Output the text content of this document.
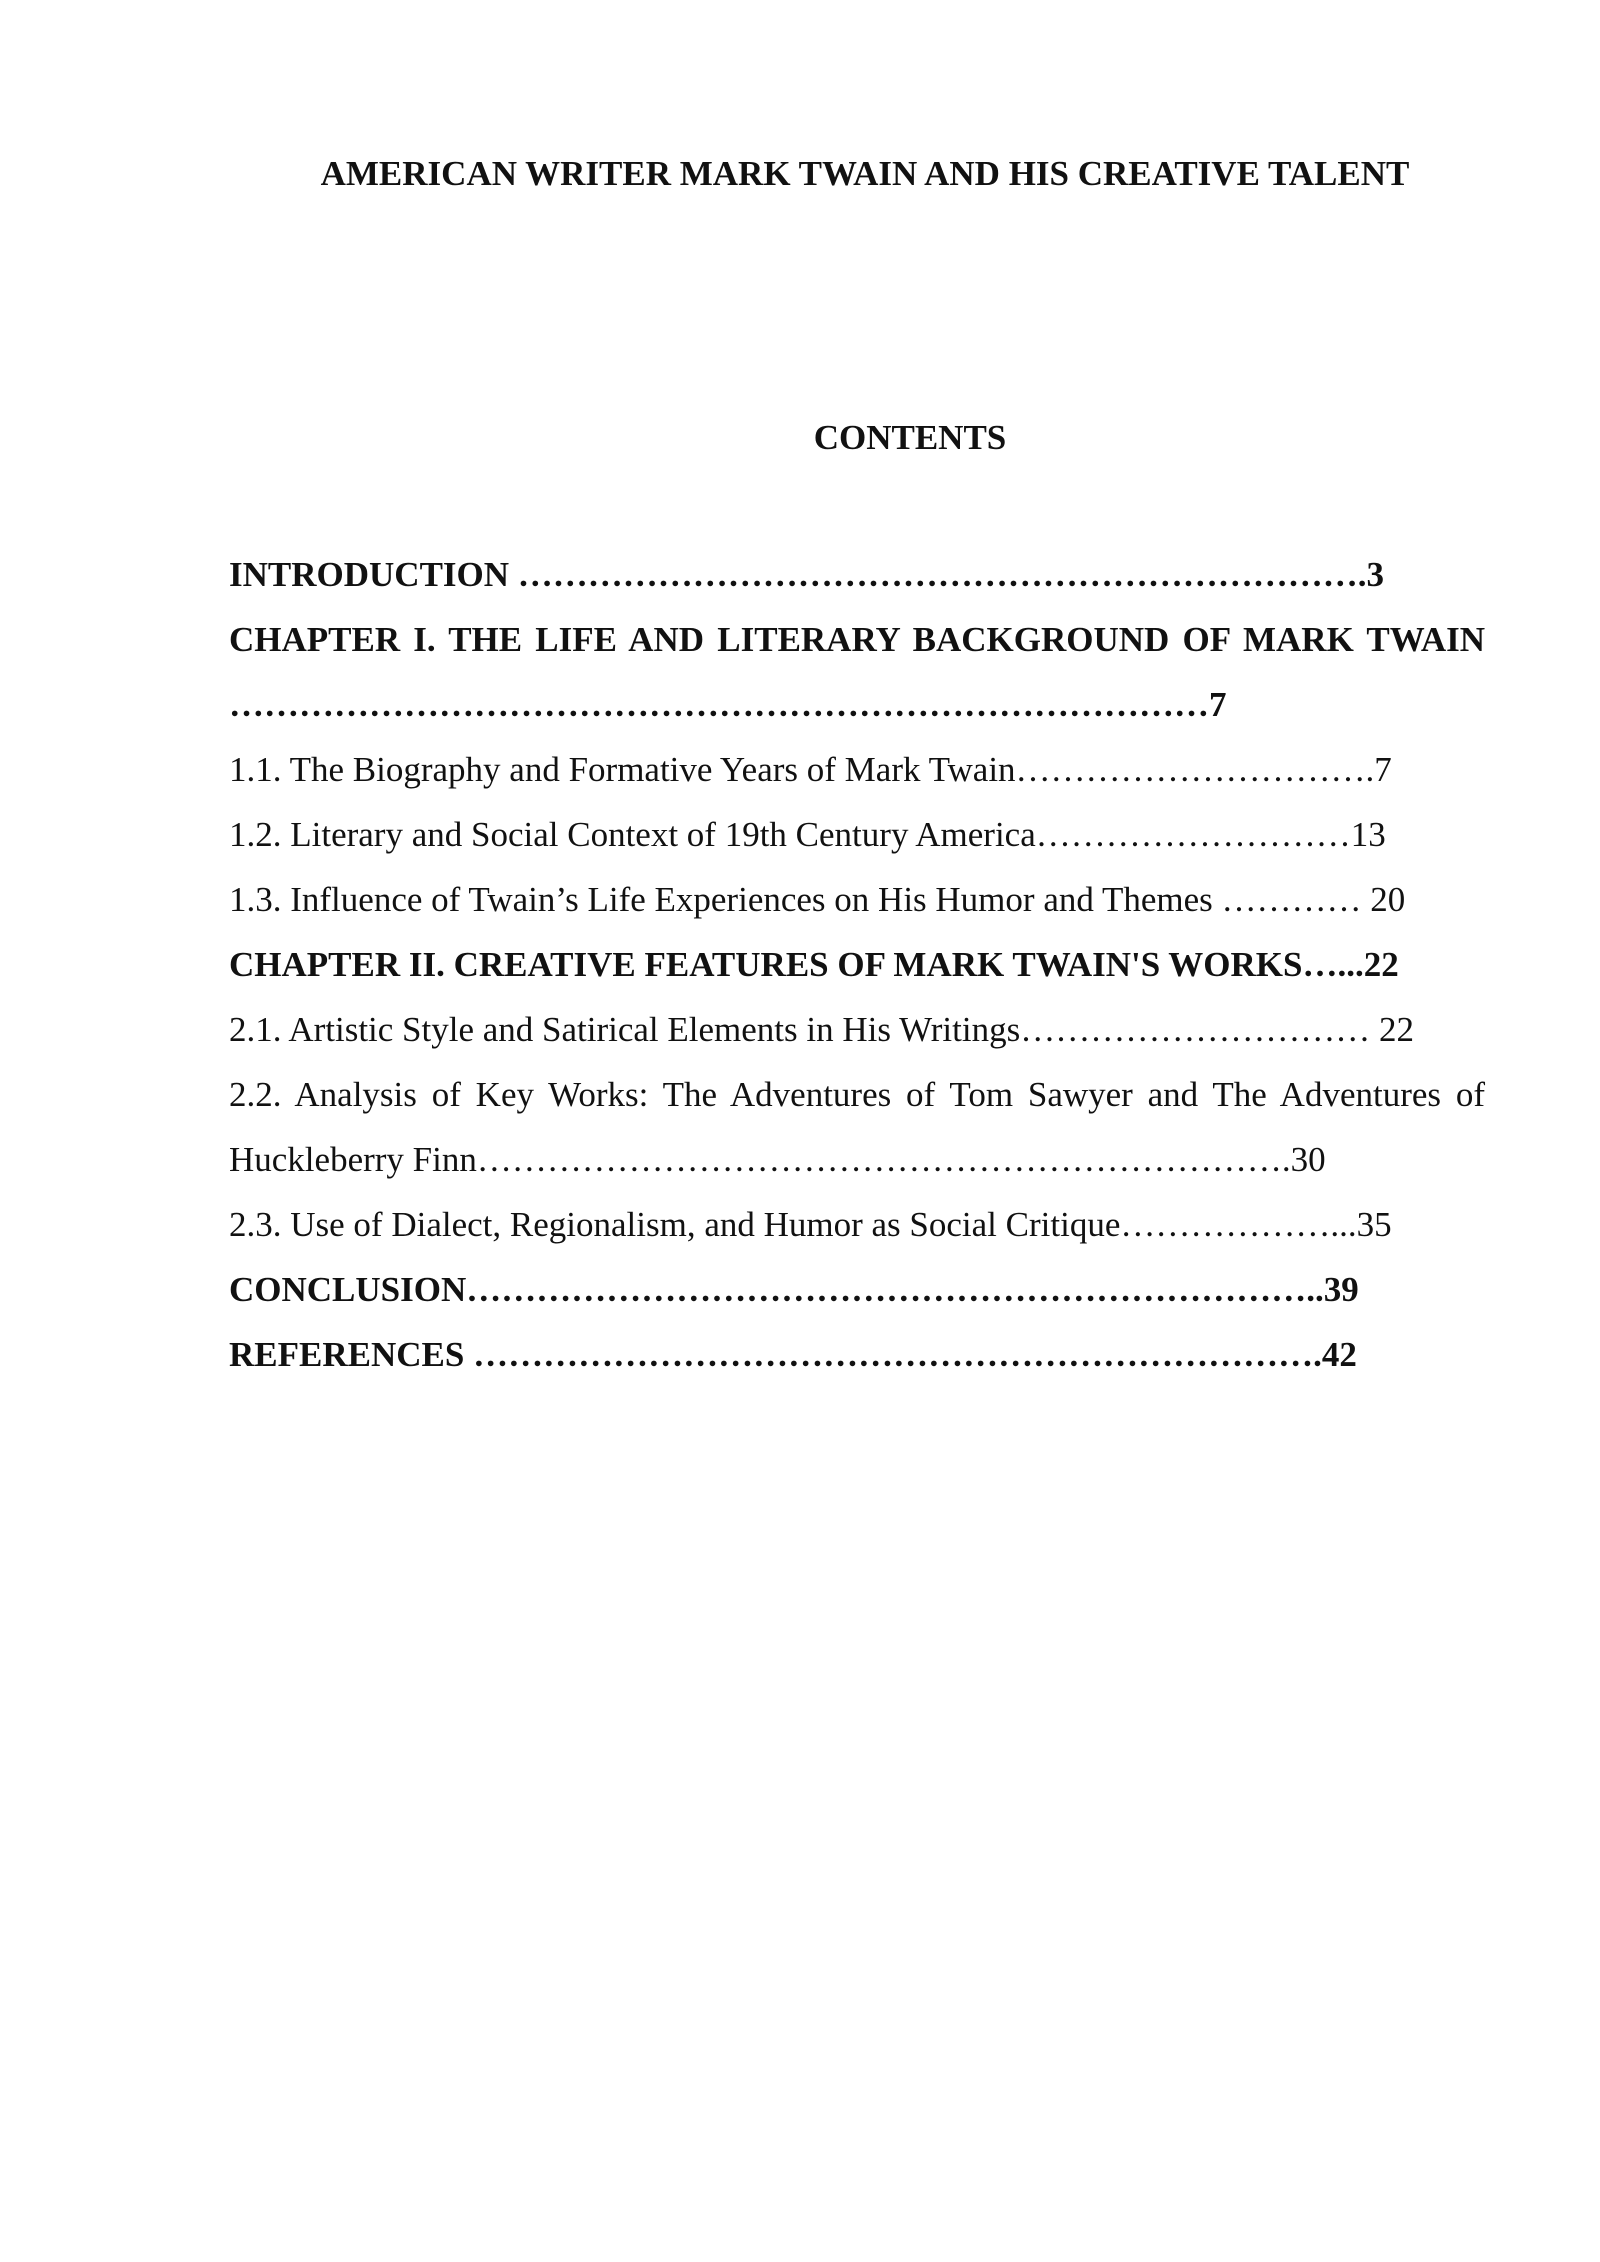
AMERICAN WRITER MARK TWAIN AND HIS CREATIVE TALENT
CONTENTS
INTRODUCTION ……………………………………………………………….3
CHAPTER I. THE LIFE AND LITERARY BACKGROUND OF MARK TWAIN …………………………………………………………………………7
1.1. The Biography and Formative Years of Mark Twain………………………….7
1.2. Literary and Social Context of 19th Century America………………………13
1.3. Influence of Twain’s Life Experiences on His Humor and Themes ………… 20
CHAPTER II. CREATIVE FEATURES OF MARK TWAIN'S WORKS…...22
2.1. Artistic Style and Satirical Elements in His Writings………………………… 22
2.2. Analysis of Key Works: The Adventures of Tom Sawyer and The Adventures of Huckleberry Finn…………………………………………………………….30
2.3. Use of Dialect, Regionalism, and Humor as Social Critique………………...35
CONCLUSION………………………………………………………………..39
REFERENCES ……………………………………………………………….42
